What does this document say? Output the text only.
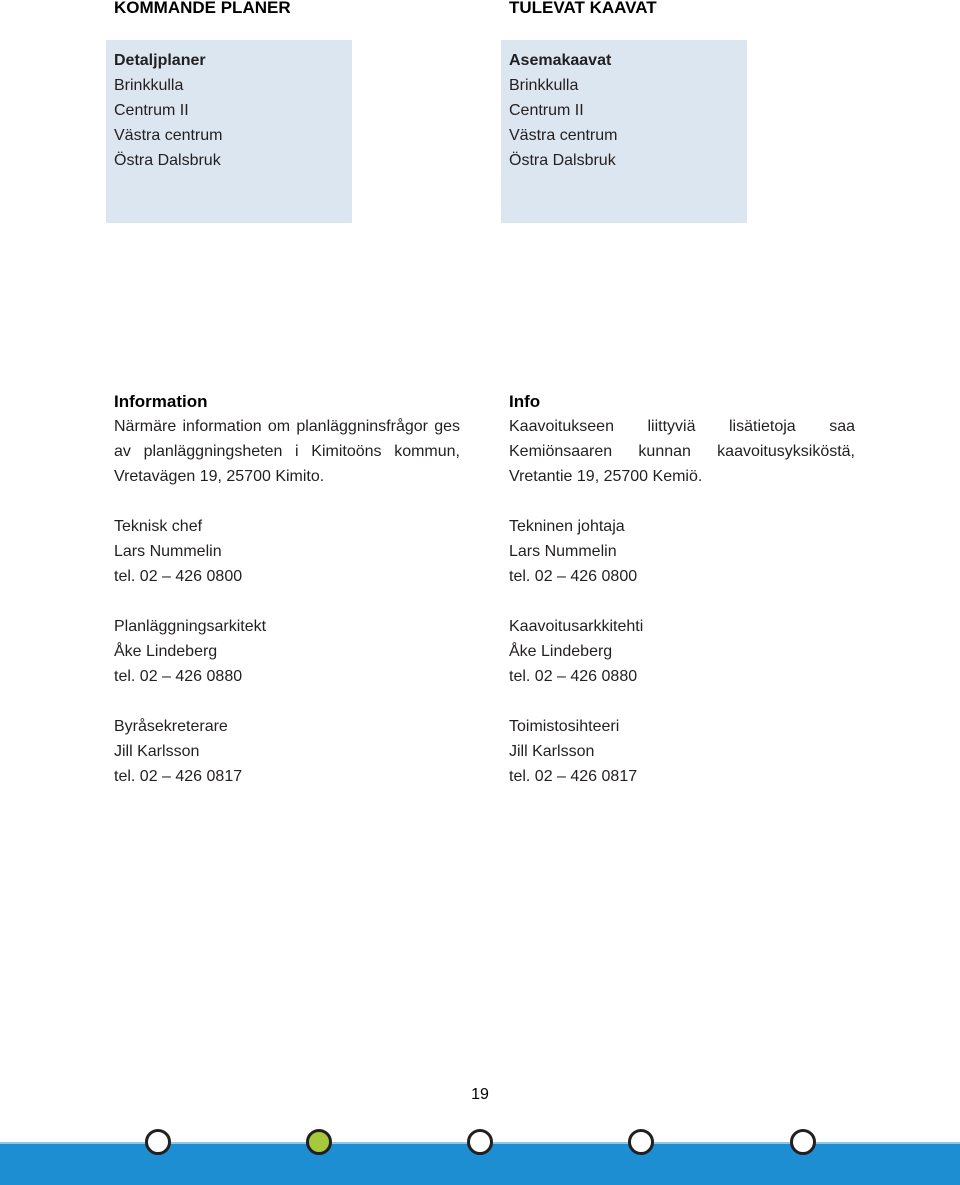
KOMMANDE PLANER	TULEVAT KAAVAT
Detaljplaner
Brinkkulla
Centrum II
Västra centrum
Östra Dalsbruk
Asemakaavat
Brinkkulla
Centrum II
Västra centrum
Östra Dalsbruk
Information

Närmäre information om planläggninsfrågor ges av planläggningsheten i Kimitoöns kommun, Vretavägen 19, 25700 Kimito.

Teknisk chef
Lars Nummelin
tel. 02 – 426 0800
Planläggningsarkitekt
Åke Lindeberg
tel. 02 – 426 0880
Byråsekreterare
Jill Karlsson
tel. 02 – 426 0817
Info

Kaavoitukseen liittyviä lisätietoja saa Kemiönsaaren kunnan kaavoitusyksiköstä, Vretantie 19, 25700 Kemiö.

Tekninen johtaja
Lars Nummelin
tel. 02 – 426 0800
Kaavoitusarkkitehti
Åke Lindeberg
tel. 02 – 426 0880
Toimistosihteeri
Jill Karlsson
tel. 02 – 426 0817
19
